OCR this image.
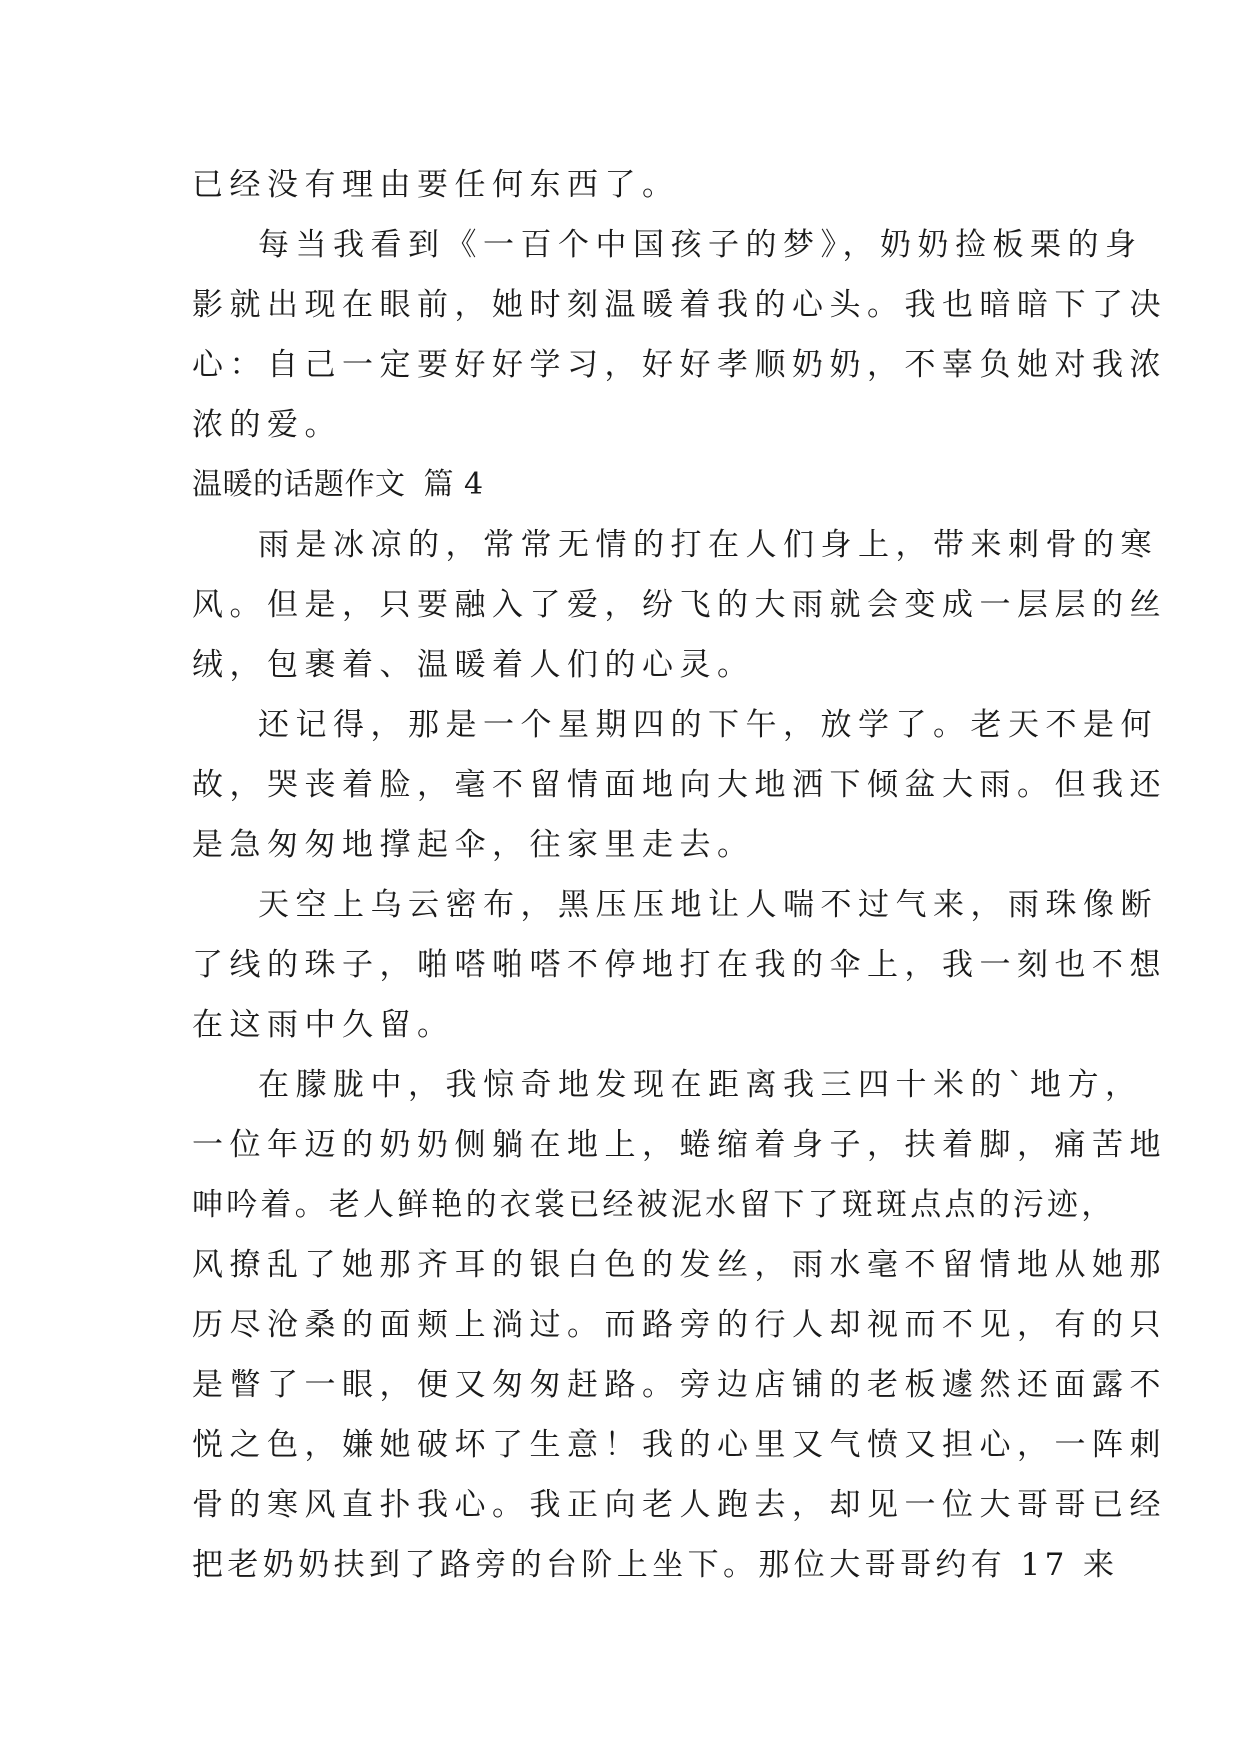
已经没有理由要任何东西了。
每当我看到《一百个中国孩子的梦》，奶奶捡板栗的身
影就出现在眼前，她时刻温暖着我的心头。我也暗暗下了决
心：自己一定要好好学习，好好孝顺奶奶，不辜负她对我浓
浓的爱。
温暖的话题作文 篇 4
雨是冰凉的，常常无情的打在人们身上，带来刺骨的寒
风。但是，只要融入了爱，纷飞的大雨就会变成一层层的丝
绒，包裹着、温暖着人们的心灵。
还记得，那是一个星期四的下午，放学了。老天不是何
故，哭丧着脸，毫不留情面地向大地洒下倾盆大雨。但我还
是急匆匆地撑起伞，往家里走去。
天空上乌云密布，黑压压地让人喘不过气来，雨珠像断
了线的珠子，啪嗒啪嗒不停地打在我的伞上，我一刻也不想
在这雨中久留。
在朦胧中，我惊奇地发现在距离我三四十米的`地方，
一位年迈的奶奶侧躺在地上，蜷缩着身子，扶着脚，痛苦地
呻吟着。老人鲜艳的衣裳已经被泥水留下了斑斑点点的污迹，
风撩乱了她那齐耳的银白色的发丝，雨水毫不留情地从她那
历尽沧桑的面颊上淌过。而路旁的行人却视而不见，有的只
是瞥了一眼，便又匆匆赶路。旁边店铺的老板遽然还面露不
悦之色，嫌她破坏了生意！我的心里又气愤又担心，一阵刺
骨的寒风直扑我心。我正向老人跑去，却见一位大哥哥已经
把老奶奶扶到了路旁的台阶上坐下。那位大哥哥约有 17 来
